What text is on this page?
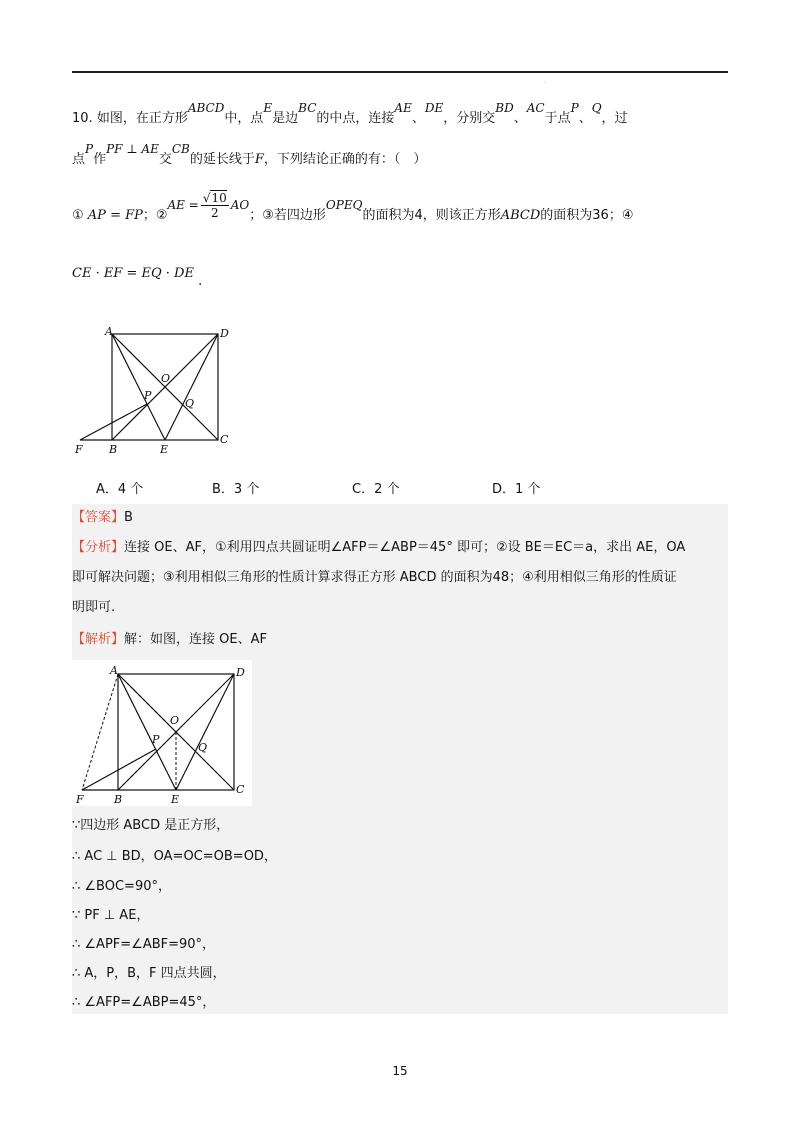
·
10. 如图，在正方形ABCD中，点E是边BC的中点，连接AE、DE，分别交BD、AC于点P、Q，过
点P作PF ⊥ AE交CB的延长线于F，下列结论正确的有：（　）
① AP = FP；②AE = $\frac{√10}{2}$ AO；③若四边形OPEQ的面积为4，则该正方形ABCD的面积为36；④
CE · EF = EQ · DE .
A	D
O
P
Q
F B	E
C
A．4 个	B．3 个	C．2 个	D．1 个
【答案】B
【分析】连接 OE、AF，①利用四点共圆证明∠AFP＝∠ABP＝45° 即可；②设 BE＝EC＝a，求出 AE，OA
即可解决问题；③利用相似三角形的性质计算求得正方形 ABCD 的面积为48；④利用相似三角形的性质证
明即可.
【解析】解：如图，连接 OE、AF
A	D
O
P
Q
F	B	E
C
∵四边形 ABCD 是正方形，
∴ AC ⊥ BD，OA=OC=OB=OD，
∴ ∠BOC=90°，
∵ PF ⊥ AE，
∴ ∠APF=∠ABF=90°，
∴ A，P，B，F 四点共圆，
∴ ∠AFP=∠ABP=45°，
15
